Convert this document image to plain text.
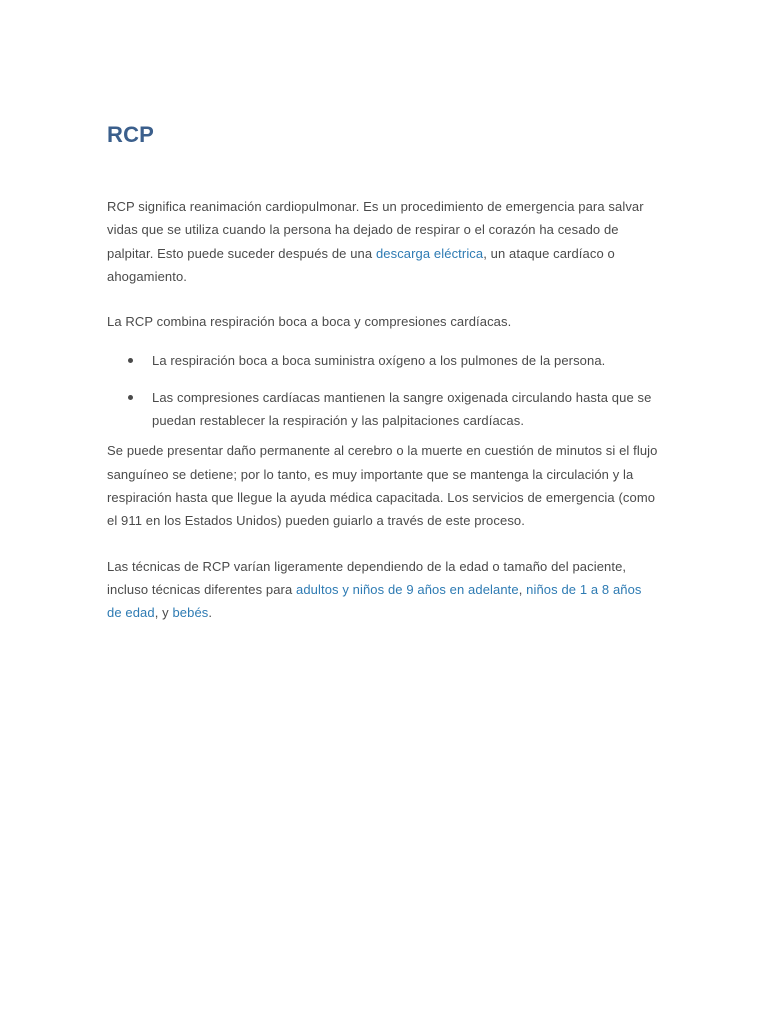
RCP

RCP significa reanimación cardiopulmonar. Es un procedimiento de emergencia para salvar vidas que se utiliza cuando la persona ha dejado de respirar o el corazón ha cesado de palpitar. Esto puede suceder después de una descarga eléctrica, un ataque cardíaco o ahogamiento.

La RCP combina respiración boca a boca y compresiones cardíacas.

La respiración boca a boca suministra oxígeno a los pulmones de la persona.
Las compresiones cardíacas mantienen la sangre oxigenada circulando hasta que se puedan restablecer la respiración y las palpitaciones cardíacas.

Se puede presentar daño permanente al cerebro o la muerte en cuestión de minutos si el flujo sanguíneo se detiene; por lo tanto, es muy importante que se mantenga la circulación y la respiración hasta que llegue la ayuda médica capacitada. Los servicios de emergencia (como el 911 en los Estados Unidos) pueden guiarlo a través de este proceso.

Las técnicas de RCP varían ligeramente dependiendo de la edad o tamaño del paciente, incluso técnicas diferentes para adultos y niños de 9 años en adelante, niños de 1 a 8 años de edad, y bebés.
